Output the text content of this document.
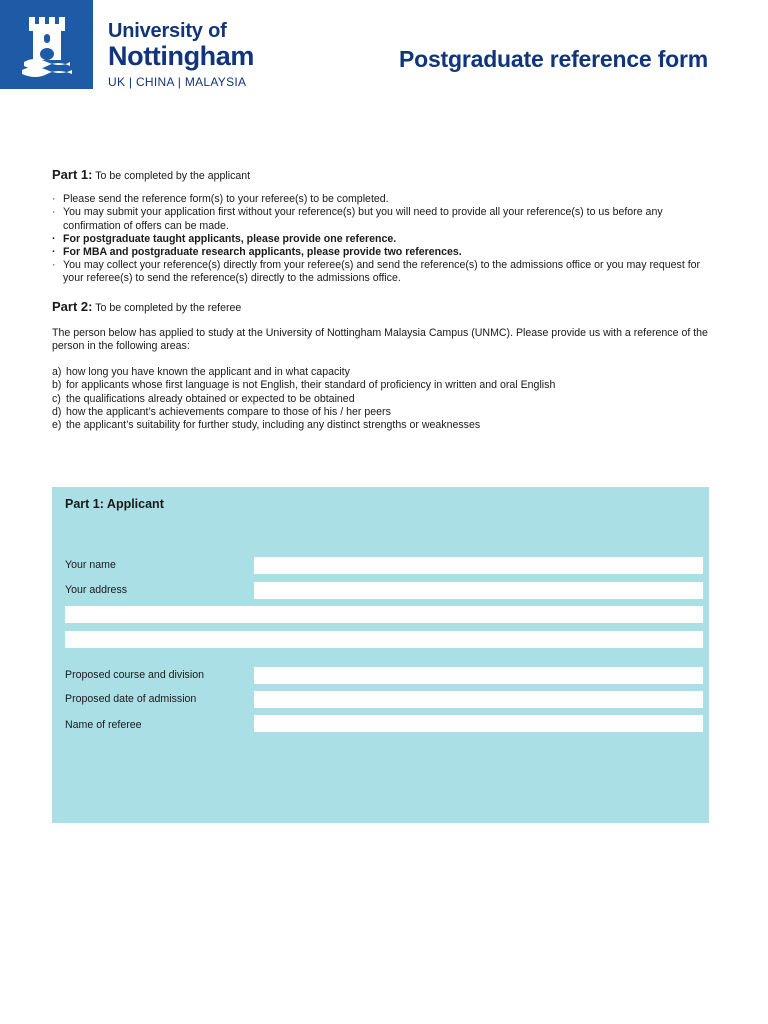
University of
Nottingham
UK | CHINA | MALAYSIA
Postgraduate reference form

Part 1: To be completed by the applicant

· Please send the reference form(s) to your referee(s) to be completed.
· You may submit your application first without your reference(s) but you will need to provide all your reference(s) to us before any confirmation of offers can be made.
· For postgraduate taught applicants, please provide one reference.
· For MBA and postgraduate research applicants, please provide two references.
· You may collect your reference(s) directly from your referee(s) and send the reference(s) to the admissions office or you may request for your referee(s) to send the reference(s) directly to the admissions office.

Part 2: To be completed by the referee

The person below has applied to study at the University of Nottingham Malaysia Campus (UNMC). Please provide us with a reference of the person in the following areas:

a) how long you have known the applicant and in what capacity
b) for applicants whose first language is not English, their standard of proficiency in written and oral English
c) the qualifications already obtained or expected to be obtained
d) how the applicant’s achievements compare to those of his / her peers
e) the applicant’s suitability for further study, including any distinct strengths or weaknesses
Part 1: Applicant
Your name
Your address
Proposed course and division
Proposed date of admission
Name of referee
